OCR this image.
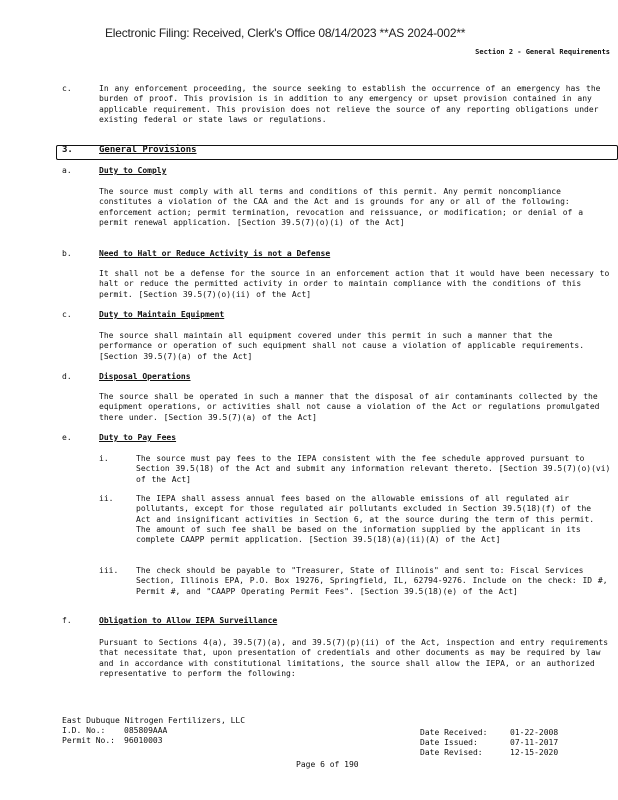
Electronic Filing: Received, Clerk's Office 08/14/2023 **AS 2024-002**
Section 2 - General Requirements
c.	In any enforcement proceeding, the source seeking to establish the occurrence of an emergency has the burden of proof. This provision is in addition to any emergency or upset provision contained in any applicable requirement. This provision does not relieve the source of any reporting obligations under existing federal or state laws or regulations.
3.	General Provisions
a.	Duty to Comply
The source must comply with all terms and conditions of this permit. Any permit noncompliance constitutes a violation of the CAA and the Act and is grounds for any or all of the following: enforcement action; permit termination, revocation and reissuance, or modification; or denial of a permit renewal application. [Section 39.5(7)(o)(i) of the Act]
b.	Need to Halt or Reduce Activity is not a Defense
It shall not be a defense for the source in an enforcement action that it would have been necessary to halt or reduce the permitted activity in order to maintain compliance with the conditions of this permit. [Section 39.5(7)(o)(ii) of the Act]
c.	Duty to Maintain Equipment
The source shall maintain all equipment covered under this permit in such a manner that the performance or operation of such equipment shall not cause a violation of applicable requirements. [Section 39.5(7)(a) of the Act]
d.	Disposal Operations
The source shall be operated in such a manner that the disposal of air contaminants collected by the equipment operations, or activities shall not cause a violation of the Act or regulations promulgated there under. [Section 39.5(7)(a) of the Act]
e.	Duty to Pay Fees
i.	The source must pay fees to the IEPA consistent with the fee schedule approved pursuant to Section 39.5(18) of the Act and submit any information relevant thereto. [Section 39.5(7)(o)(vi) of the Act]
ii.	The IEPA shall assess annual fees based on the allowable emissions of all regulated air pollutants, except for those regulated air pollutants excluded in Section 39.5(18)(f) of the Act and insignificant activities in Section 6, at the source during the term of this permit. The amount of such fee shall be based on the information supplied by the applicant in its complete CAAPP permit application. [Section 39.5(18)(a)(ii)(A) of the Act]
iii. The check should be payable to "Treasurer, State of Illinois" and sent to: Fiscal Services Section, Illinois EPA, P.O. Box 19276, Springfield, IL, 62794-9276. Include on the check: ID #, Permit #, and "CAAPP Operating Permit Fees". [Section 39.5(18)(e) of the Act]
f.	Obligation to Allow IEPA Surveillance
Pursuant to Sections 4(a), 39.5(7)(a), and 39.5(7)(p)(ii) of the Act, inspection and entry requirements that necessitate that, upon presentation of credentials and other documents as may be required by law and in accordance with constitutional limitations, the source shall allow the IEPA, or an authorized representative to perform the following:
East Dubuque Nitrogen Fertilizers, LLC
I.D. No.: 085809AAA
Permit No.: 96010003
Date Received:	01-22-2008
Date Issued:	07-11-2017
Date Revised:	12-15-2020
Page 6 of 190
